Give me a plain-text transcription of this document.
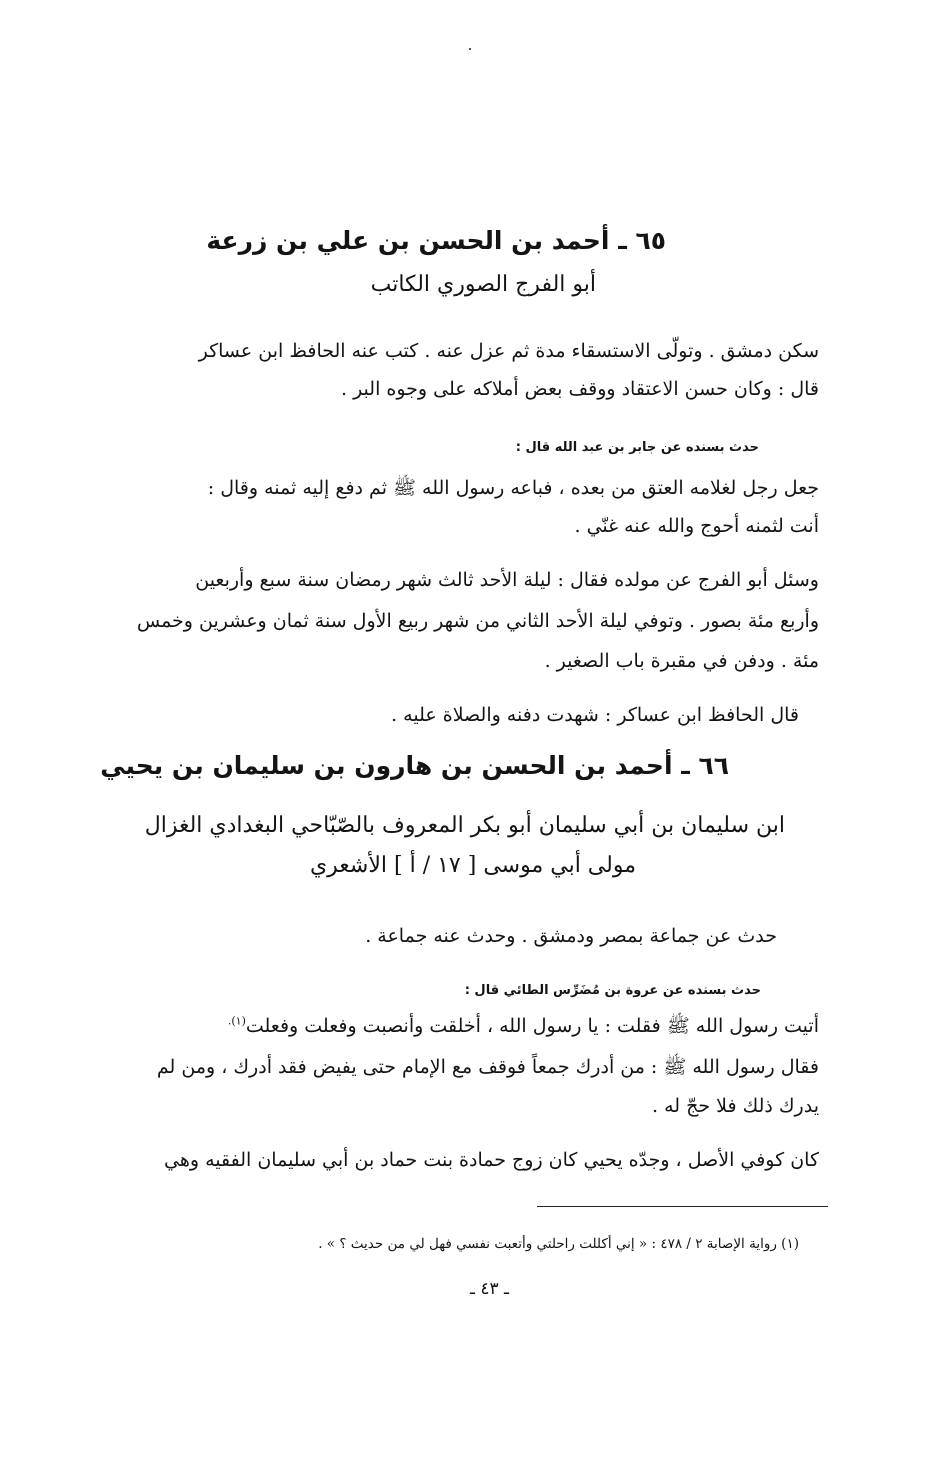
٦٥ ـ أحمد بن الحسن بن علي بن زرعة
أبو الفرج الصوري الكاتب
سكن دمشق . وتولّى الاستسقاء مدة ثم عزل عنه . كتب عنه الحافظ ابن عساكر
قال : وكان حسن الاعتقاد ووقف بعض أملاكه على وجوه البر .
حدث بسنده عن جابر بن عبد الله قال :
جعل رجل لغلامه العتق من بعده ، فباعه رسول الله ﷺ ثم دفع إليه ثمنه وقال :
أنت لثمنه أحوج والله عنه غنّي .
وسئل أبو الفرج عن مولده فقال : ليلة الأحد ثالث شهر رمضان سنة سبع وأربعين
وأربع مئة بصور . وتوفي ليلة الأحد الثاني من شهر ربيع الأول سنة ثمان وعشرين وخمس
مئة . ودفن في مقبرة باب الصغير .
قال الحافظ ابن عساكر : شهدت دفنه والصلاة عليه .
٦٦ ـ أحمد بن الحسن بن هارون بن سليمان بن يحيي
ابن سليمان بن أبي سليمان أبو بكر المعروف بالصّبّاحي البغدادي الغزال
مولى أبي موسى [ ١٧ / أ ] الأشعري
حدث عن جماعة بمصر ودمشق . وحدث عنه جماعة .
حدث بسنده عن عروة بن مُضَرِّس الطائي قال :
أتيت رسول الله ﷺ فقلت : يا رسول الله ، أخلقت وأنصبت وفعلت وفعلت$^{(١).}$
فقال رسول الله ﷺ : من أدرك جمعاً فوقف مع الإمام حتى يفيض فقد أدرك ، ومن لم
يدرك ذلك فلا حجّ له .
كان كوفي الأصل ، وجدّه يحيي كان زوج حمادة بنت حماد بن أبي سليمان الفقيه وهي
(١) رواية الإصابة ٢ / ٤٧٨ : « إني أكللت راحلتي وأتعبت نفسي فهل لي من حديث ؟ » .
ـ ٤٣ ـ
